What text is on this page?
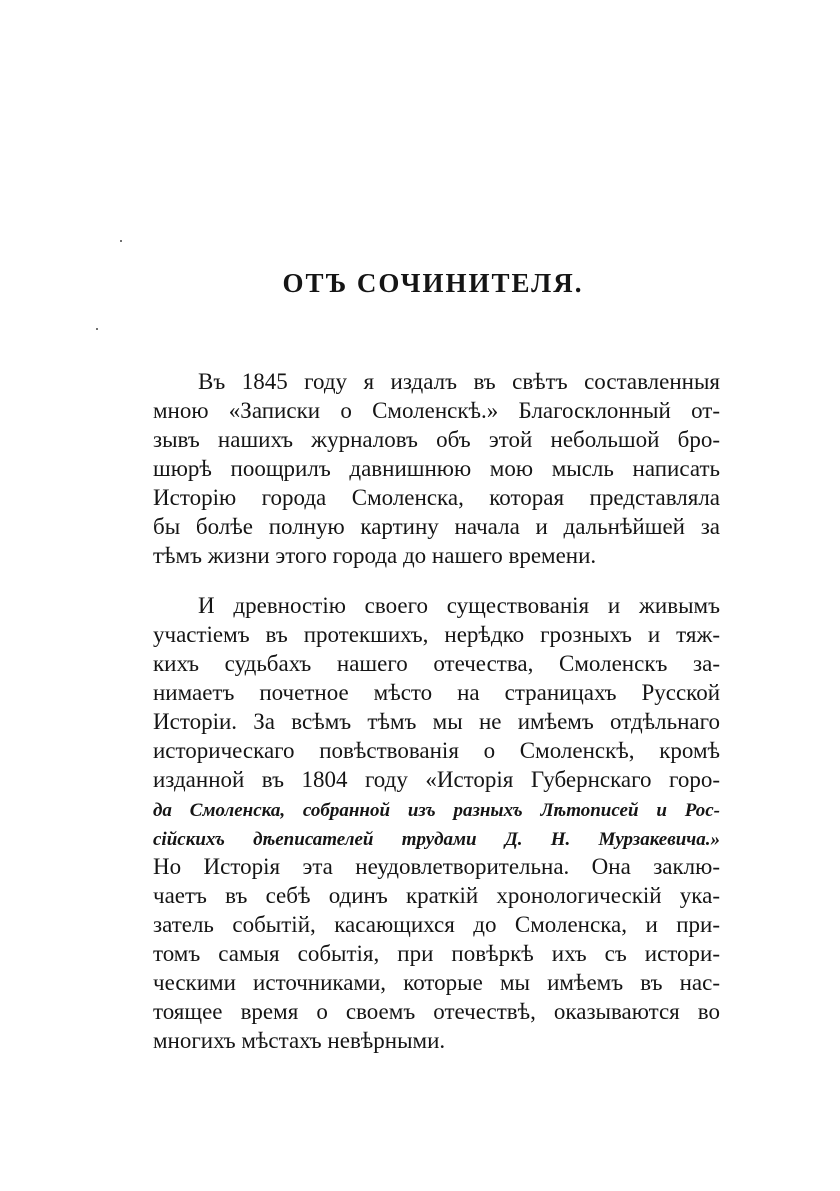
ОТЪ СОЧИНИТЕЛЯ.
Въ 1845 году я издалъ въ свѣтъ составленныя
мною «Записки о Смоленскѣ.» Благосклонный от-
зывъ нашихъ журналовъ объ этой небольшой бро-
шюрѣ поощрилъ давнишнюю мою мысль написать
Исторію города Смоленска, которая представляла
бы болѣе полную картину начала и дальнѣйшей за
тѣмъ жизни этого города до нашего времени.
И древностію своего существованія и живымъ
участіемъ въ протекшихъ, нерѣдко грозныхъ и тяж-
кихъ судьбахъ нашего отечества, Смоленскъ за-
нимаетъ почетное мѣсто на страницахъ Русской
Исторіи. За всѣмъ тѣмъ мы не имѣемъ отдѣльнаго
историческаго повѣствованія о Смоленскѣ, кромѣ
изданной въ 1804 году «Исторія Губернскаго горо-
да Смоленска, собранной изъ разныхъ Лѣтописей и Рос-
сійскихъ дѣеписателей трудами Д. Н. Мурзакевича.»
Но Исторія эта неудовлетворительна. Она заклю-
чаетъ въ себѣ одинъ краткій хронологическій ука-
затель событій, касающихся до Смоленска, и при-
томъ самыя событія, при повѣркѣ ихъ съ истори-
ческими источниками, которые мы имѣемъ въ нас-
тоящее время о своемъ отечествѣ, оказываются во
многихъ мѣстахъ невѣрными.
